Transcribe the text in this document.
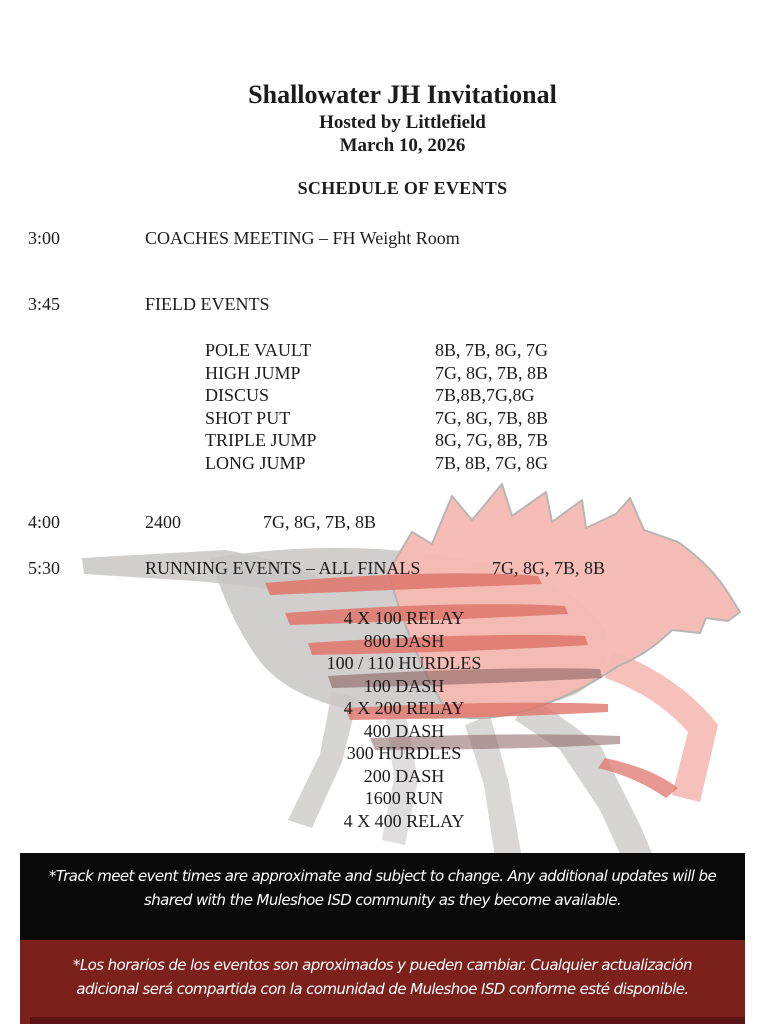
Shallowater JH Invitational
Hosted by Littlefield
March 10, 2026
SCHEDULE OF EVENTS
3:00	COACHES MEETING – FH Weight Room
3:45	FIELD EVENTS
POLE VAULT	8B, 7B, 8G, 7G
HIGH JUMP	7G, 8G, 7B, 8B
DISCUS	7B,8B,7G,8G
SHOT PUT	7G, 8G, 7B, 8B
TRIPLE JUMP	8G, 7G, 8B, 7B
LONG JUMP	7B, 8B, 7G, 8G
4:00	2400	7G, 8G, 7B, 8B
5:30	RUNNING EVENTS – ALL FINALS	7G, 8G, 7B, 8B
4 X 100 RELAY
800 DASH
100 / 110 HURDLES
100 DASH
4 X 200 RELAY
400 DASH
300 HURDLES
200 DASH
1600 RUN
4 X 400 RELAY

*Track meet event times are approximate and subject to change. Any additional updates will be

shared with the Muleshoe ISD community as they become available.

*Los horarios de los eventos son aproximados y pueden cambiar. Cualquier actualización

adicional será compartida con la comunidad de Muleshoe ISD conforme esté disponible.
